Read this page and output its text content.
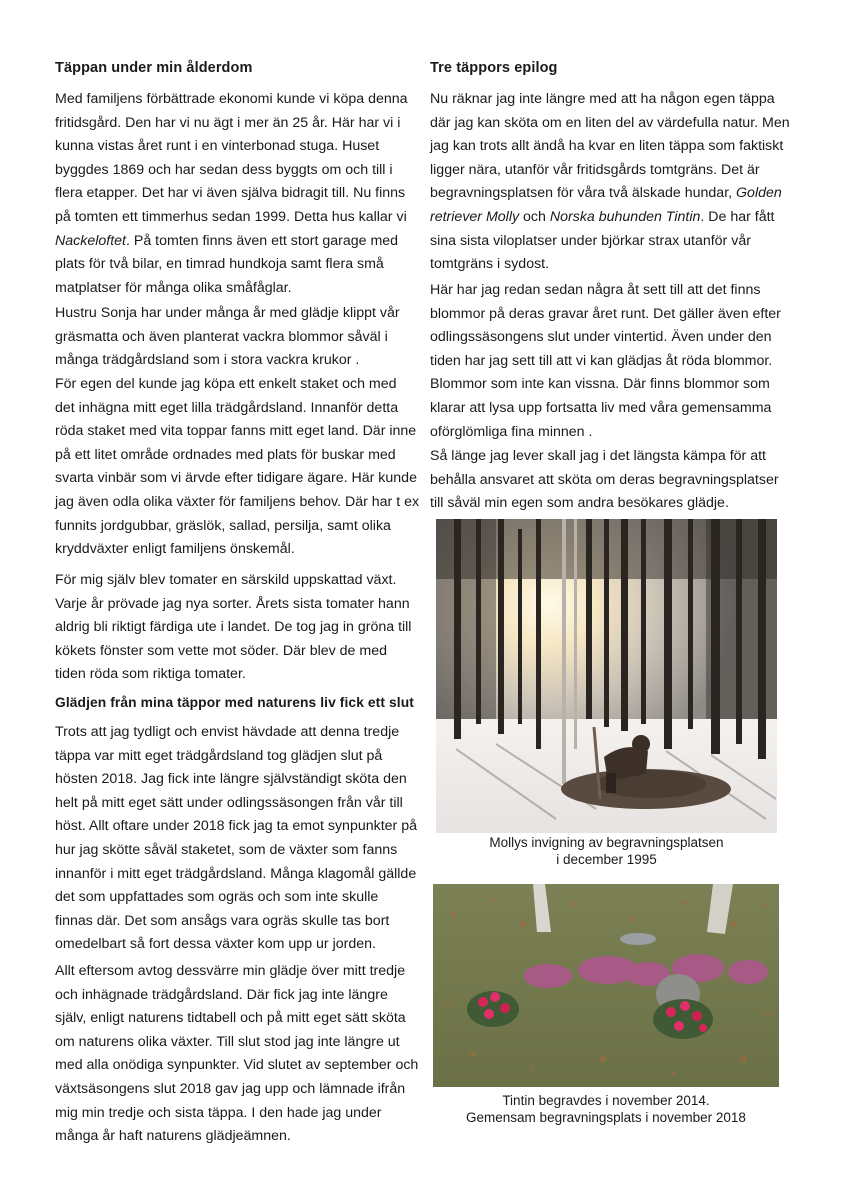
Täppan under min ålderdom

Med familjens förbättrade ekonomi kunde vi köpa denna fritidsgård. Den har vi nu ägt i mer än 25 år. Här har vi i kunna vistas året runt i en vinterbonad stuga. Huset byggdes 1869 och har sedan dess byggts om och till i flera etapper. Det har vi även själva bidragit till. Nu finns på tomten ett timmerhus sedan 1999. Detta hus kallar vi Nackeloftet. På tomten finns även ett stort garage med plats för två bilar, en timrad hundkoja samt flera små matplatser för många olika småfåglar.

Hustru Sonja har under många år med glädje klippt vår gräsmatta och även planterat vackra blommor såväl i många trädgårdsland som i stora vackra krukor .

För egen del kunde jag köpa ett enkelt staket och med det inhägna mitt eget lilla trädgårdsland. Innanför detta röda staket med vita toppar fanns mitt eget land. Där inne på ett litet område ordnades med plats för buskar med svarta vinbär som vi ärvde efter tidigare ägare. Här kunde jag även odla olika växter för familjens behov. Där har t ex funnits jordgubbar, gräslök, sallad, persilja, samt olika kryddväxter enligt familjens önskemål.

För mig själv blev tomater en särskild uppskattad växt. Varje år prövade jag nya sorter. Årets sista tomater hann aldrig bli riktigt färdiga ute i landet. De tog jag in gröna till kökets fönster som vette mot söder. Där blev de med tiden röda som riktiga tomater.

Glädjen från mina täppor med naturens liv fick ett slut

Trots att jag tydligt och envist hävdade att denna tredje täppa var mitt eget trädgårdsland tog glädjen slut på hösten 2018. Jag fick inte längre självständigt sköta den helt på mitt eget sätt under odlingssäsongen från vår till höst. Allt oftare under 2018 fick jag ta emot synpunkter på hur jag skötte såväl staketet, som de växter som fanns innanför i mitt eget trädgårdsland. Många klagomål gällde det som uppfattades som ogräs och som inte skulle finnas där. Det som ansågs vara ogräs skulle tas bort omedelbart så fort dessa växter kom upp ur jorden.

Allt eftersom avtog dessvärre min glädje över mitt tredje och inhägnade trädgårdsland. Där fick jag inte längre själv, enligt naturens tidtabell och på mitt eget sätt sköta om naturens olika växter. Till slut stod jag inte längre ut med alla onödiga synpunkter. Vid slutet av september och växtsäsongens slut 2018 gav jag upp och lämnade ifrån mig min tredje och sista täppa. I den hade jag under många år haft naturens glädjeämnen.

Tre täppors epilog

Nu räknar jag inte längre med att ha någon egen täppa där jag kan sköta om en liten del av värdefulla natur. Men jag kan trots allt ändå ha kvar en liten täppa som faktiskt ligger nära, utanför vår fritidsgårds tomtgräns. Det är begravningsplatsen för våra två älskade hundar, Golden retriever Molly och Norska buhunden Tintin. De har fått sina sista viloplatser under björkar strax utanför vår tomtgräns i sydost.

Här har jag redan sedan några åt sett till att det finns blommor på deras gravar året runt. Det gäller även efter odlingssäsongens slut under vintertid. Även under den tiden har jag sett till att vi kan glädjas åt röda blommor. Blommor som inte kan vissna. Där finns blommor som klarar att lysa upp fortsatta liv med våra gemensamma oförglömliga fina minnen .

Så länge jag lever skall jag i det längsta kämpa för att behålla ansvaret att sköta om deras begravningsplatser till såväl min egen som andra besökares glädje.

Mollys invigning av begravningsplatsen
i december 1995
Tintin begravdes i november 2014.
Gemensam begravningsplats i november 2018
